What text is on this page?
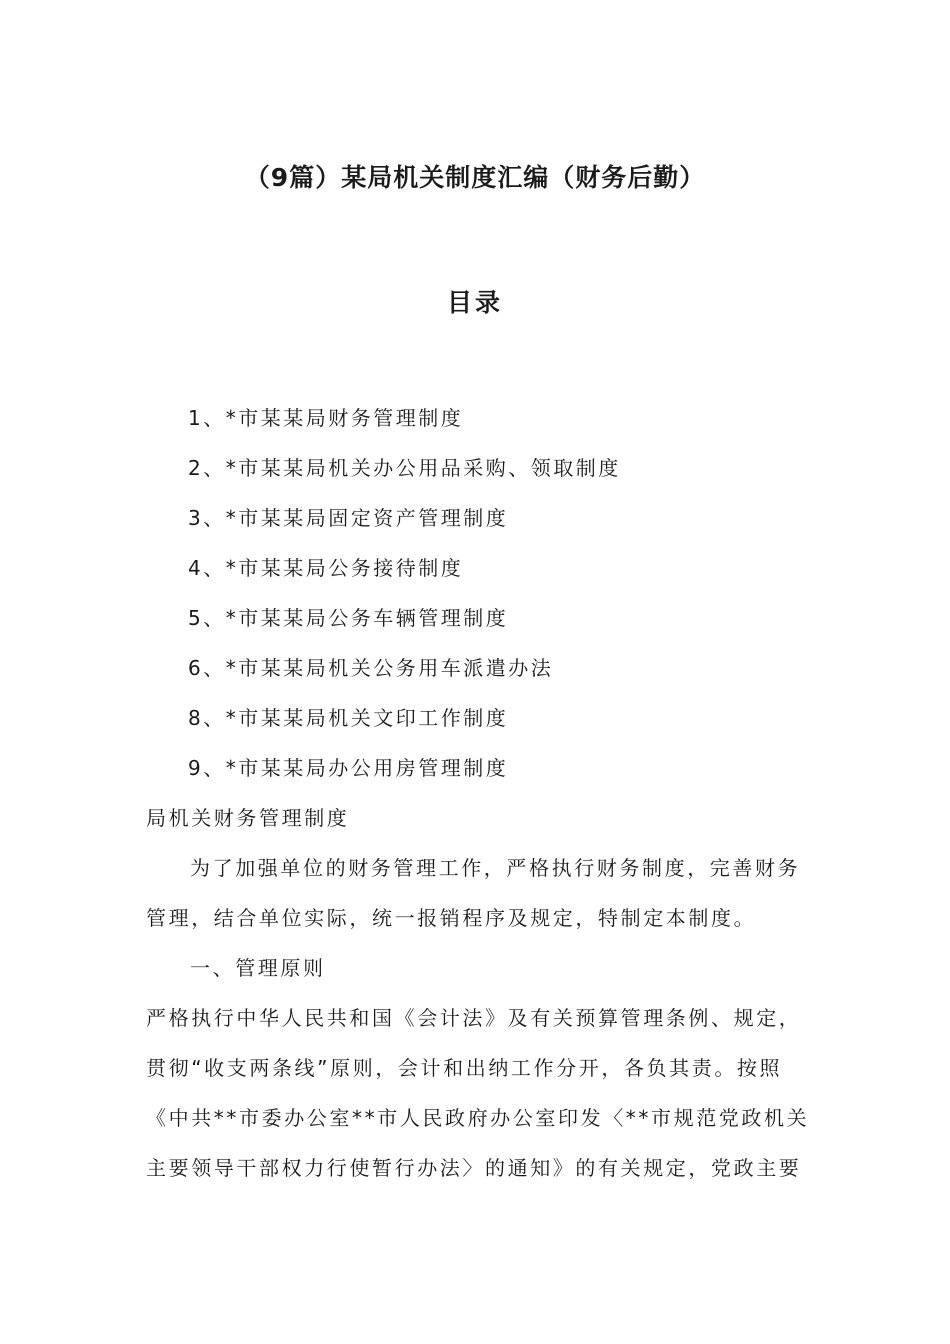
（9篇）某局机关制度汇编（财务后勤）
目录
1、*市某某局财务管理制度
2、*市某某局机关办公用品采购、领取制度
3、*市某某局固定资产管理制度
4、*市某某局公务接待制度
5、*市某某局公务车辆管理制度
6、*市某某局机关公务用车派遣办法
8、*市某某局机关文印工作制度
9、*市某某局办公用房管理制度
局机关财务管理制度
为了加强单位的财务管理工作，严格执行财务制度，完善财务
管理，结合单位实际，统一报销程序及规定，特制定本制度。
一、管理原则
严格执行中华人民共和国《会计法》及有关预算管理条例、规定，
贯彻“收支两条线”原则，会计和出纳工作分开，各负其责。按照
《中共**市委办公室**市人民政府办公室印发〈**市规范党政机关
主要领导干部权力行使暂行办法〉的通知》的有关规定，党政主要
